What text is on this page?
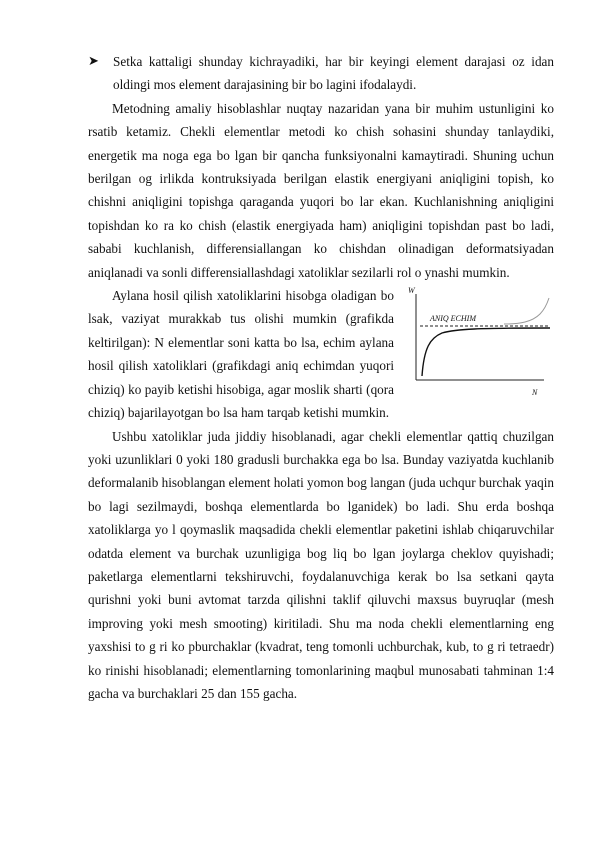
➤ Setka kattaligi shunday kichrayadiki, har bir keyingi element darajasi oz idan oldingi mos element darajasining bir bo lagini ifodalaydi.

Metodning amaliy hisoblashlar nuqtay nazaridan yana bir muhim ustunligini ko rsatib ketamiz. Chekli elementlar metodi ko chish sohasini shunday tanlaydiki, energetik ma noga ega bo lgan bir qancha funksiyonalni kamaytiradi. Shuning uchun berilgan og irlikda kontruksiyada berilgan elastik energiyani aniqligini topish, ko chishni aniqligini topishga qaraganda yuqori bo lar ekan. Kuchlanishning aniqligini topishdan ko ra ko chish (elastik energiyada ham) aniqligini topishdan past bo ladi, sababi kuchlanish, differensiallangan ko chishdan olinadigan deformatsiyadan aniqlanadi va sonli differensiallashdagi xatoliklar sezilarli rol o ynashi mumkin.

W
ANIQ ECHIM
N

Aylana hosil qilish xatoliklarini hisobga oladigan bo lsak, vaziyat murakkab tus olishi mumkin (grafikda keltirilgan): N elementlar soni katta bo lsa, echim aylana hosil qilish xatoliklari (grafikdagi aniq echimdan yuqori chiziq) ko payib ketishi hisobiga, agar moslik sharti (qora chiziq) bajarilayotgan bo lsa ham tarqab ketishi mumkin.

Ushbu xatoliklar juda jiddiy hisoblanadi, agar chekli elementlar qattiq chuzilgan yoki uzunliklari 0 yoki 180 gradusli burchakka ega bo lsa. Bunday vaziyatda kuchlanib deformalanib hisoblangan element holati yomon bog langan (juda uchqur burchak yaqin bo lagi sezilmaydi, boshqa elementlarda bo lganidek) bo ladi. Shu erda boshqa xatoliklarga yo l qoymaslik maqsadida chekli elementlar paketini ishlab chiqaruvchilar odatda element va burchak uzunligiga bog liq bo lgan joylarga cheklov quyishadi; paketlarga elementlarni tekshiruvchi, foydalanuvchiga kerak bo lsa setkani qayta qurishni yoki buni avtomat tarzda qilishni taklif qiluvchi maxsus buyruqlar (mesh improving yoki mesh smooting) kiritiladi. Shu ma noda chekli elementlarning eng yaxshisi to g ri ko pburchaklar (kvadrat, teng tomonli uchburchak, kub, to g ri tetraedr) ko rinishi hisoblanadi; elementlarning tomonlarining maqbul munosabati tahminan 1:4 gacha va burchaklari 25 dan 155 gacha.
